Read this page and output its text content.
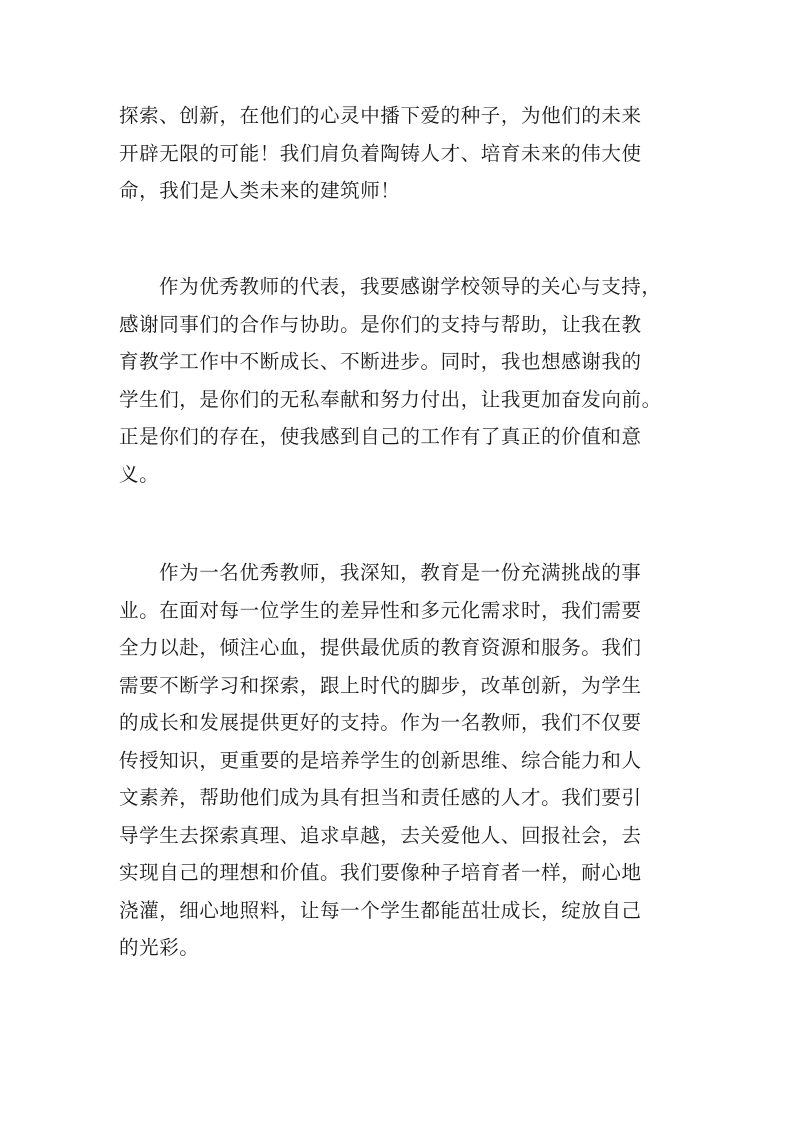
探索、创新，在他们的心灵中播下爱的种子，为他们的未来
开辟无限的可能！我们肩负着陶铸人才、培育未来的伟大使
命，我们是人类未来的建筑师！

作为优秀教师的代表，我要感谢学校领导的关心与支持，
感谢同事们的合作与协助。是你们的支持与帮助，让我在教
育教学工作中不断成长、不断进步。同时，我也想感谢我的
学生们，是你们的无私奉献和努力付出，让我更加奋发向前。
正是你们的存在，使我感到自己的工作有了真正的价值和意
义。

作为一名优秀教师，我深知，教育是一份充满挑战的事
业。在面对每一位学生的差异性和多元化需求时，我们需要
全力以赴，倾注心血，提供最优质的教育资源和服务。我们
需要不断学习和探索，跟上时代的脚步，改革创新，为学生
的成长和发展提供更好的支持。作为一名教师，我们不仅要
传授知识，更重要的是培养学生的创新思维、综合能力和人
文素养，帮助他们成为具有担当和责任感的人才。我们要引
导学生去探索真理、追求卓越，去关爱他人、回报社会，去
实现自己的理想和价值。我们要像种子培育者一样，耐心地
浇灌，细心地照料，让每一个学生都能茁壮成长，绽放自己
的光彩。
